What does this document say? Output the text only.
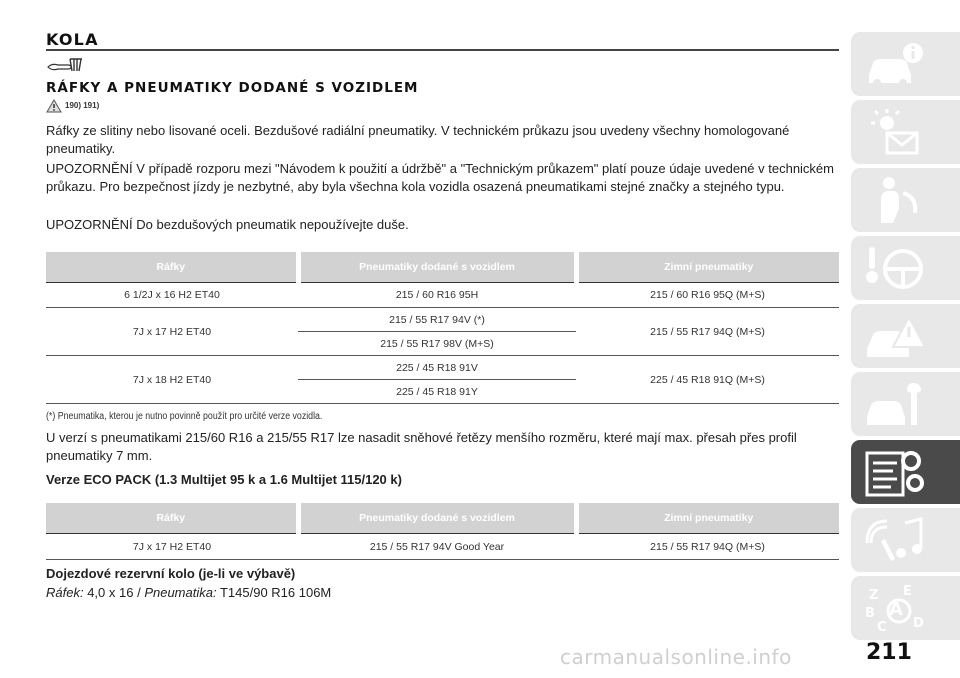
KOLA
RÁFKY A PNEUMATIKY DODANÉ S VOZIDLEM
190) 191)
Ráfky ze slitiny nebo lisované oceli. Bezdušové radiální pneumatiky. V technickém průkazu jsou uvedeny všechny homologované pneumatiky.
UPOZORNĚNÍ V případě rozporu mezi "Návodem k použití a údržbě" a "Technickým průkazem" platí pouze údaje uvedené v technickém průkazu. Pro bezpečnost jízdy je nezbytné, aby byla všechna kola vozidla osazená pneumatikami stejné značky a stejného typu.
UPOZORNĚNÍ Do bezdušových pneumatik nepoužívejte duše.
Ráfky	Pneumatiky dodané s vozidlem	Zimní pneumatiky
6 1/2J x 16 H2 ET40	215 / 60 R16 95H	215 / 60 R16 95Q (M+S)
7J x 17 H2 ET40	215 / 55 R17 94V (*)	215 / 55 R17 94Q (M+S)
	215 / 55 R17 98V (M+S)	
7J x 18 H2 ET40	225 / 45 R18 91V	225 / 45 R18 91Q (M+S)
	225 / 45 R18 91Y	
(*) Pneumatika, kterou je nutno povinně použít pro určité verze vozidla.
U verzí s pneumatikami 215/60 R16 a 215/55 R17 lze nasadit sněhové řetězy menšího rozměru, které mají max. přesah přes profil pneumatiky 7 mm.
Verze ECO PACK (1.3 Multijet 95 k a 1.6 Multijet 115/120 k)
Ráfky	Pneumatiky dodané s vozidlem	Zimní pneumatiky
7J x 17 H2 ET40	215 / 55 R17 94V Good Year	215 / 55 R17 94Q (M+S)
Dojezdové rezervní kolo (je-li ve výbavě)
Ráfek: 4,0 x 16 / Pneumatika: T145/90 R16 106M
carmanualsonline.info	211
Z E
B A
C D
